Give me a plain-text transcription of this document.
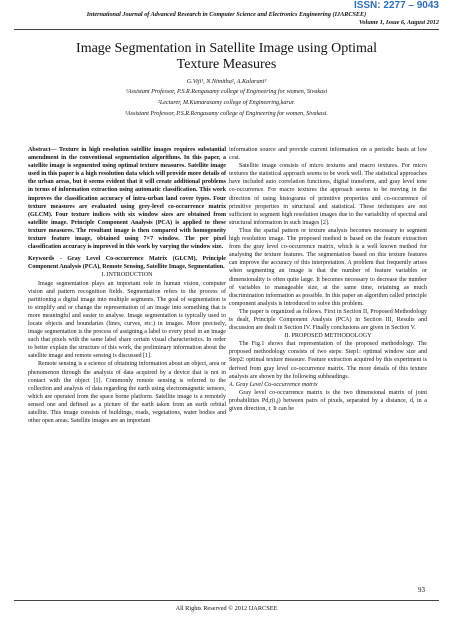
ISSN: 2277 – 9043
International Journal of Advanced Research in Computer Science and Electronics Engineering (IJARCSEE)
Volume 1, Issue 6, August 2012
Image Segmentation in Satellite Image using Optimal
Texture Measures
G.Viji¹, N.Nimitha², A.Kalarani³
¹Assistant Professor, P.S.R.Rengasamy college of Engineering for women, Sivakasi
²Lecturer, M.Kumarasamy college of Engineering,karur.
³Assistant Professor, P.S.R.Rengasamy college of Engineering for women, Sivakasi.

Abstract— Texture in high resolution satellite images requires substantial amendment in the conventional segmentation algorithms. In this paper, a satellite image is segmented using optimal texture measures. Satellite image used in this paper is a high resolution data which will provide more details of the urban areas, but it seems evident that it will create additional problems in terms of information extraction using automatic classification. This work improves the classification accuracy of intra-urban land cover types. Four texture measures are evaluated using grey-level co-occurrence matrix (GLCM). Four texture indices with six window sizes are obtained from satellite image. Principle Component Analysis (PCA) is applied to these texture measures. The resultant image is then compared with homogeneity texture feature image, obtained using 7×7 window. The per pixel classification accuracy is improved in this work by varying the window size.

Keywords - Gray Level Co-occurrence Matrix (GLCM), Principle Component Analysis (PCA), Remote Sensing, Satellite Image, Segmentation.

I. INTRODUCTION

Image segmentation plays an important role in human vision, computer vision and pattern recognition fields. Segmentation refers to the process of partitioning a digital image into multiple segments. The goal of segmentation is to simplify and or change the representation of an image into something that is more meaningful and easier to analyse. Image segmentation is typically used to locate objects and boundaries (lines, curves, etc.) in images. More precisely, image segmentation is the process of assigning a label to every pixel in an image such that pixels with the same label share certain visual characteristics. In order to better explain the structure of this work, the preliminary information about the satellite image and remote sensing is discussed [1].

Remote sensing is a science of obtaining information about an object, area or phenomenon through the analysis of data acquired by a device that is not in contact with the object [1]. Commonly remote sensing is referred to the collection and analysis of data regarding the earth using electromagnetic sensors, which are operated from the space borne platform. Satellite image is a remotely sensed one and defined as a picture of the earth taken from an earth orbital satellite. This image consists of buildings, roads, vegetations, water bodies and other open areas. Satellite images are an important

information source and provide current information on a periodic basis at low cost.

Satellite image consists of micro textures and macro textures. For micro textures the statistical approach seems to be work well. The statistical approaches have included auto correlation functions, digital transform, and gray level tone co-occurrence. For macro textures the approach seems to be moving in the direction of using histograms of primitive properties and co-occurrence of primitive properties in structural and statistical. These techniques are not sufficient to segment high resolution images due to the variability of spectral and structural information in such images [2].

Thus the spatial pattern or texture analysis becomes necessary to segment high resolution image. The proposed method is based on the feature extraction from the gray level co-occurrence matrix, which is a well known method for analysing the texture features. The segmentation based on this texture features can improve the accuracy of this interpretation. A problem that frequently arises when segmenting an image is that the number of feature variables or dimensionality is often quite large. It becomes necessary to decrease the number of variables to manageable size, at the same time, retaining as much discrimination information as possible. In this paper an algorithm called principle component analysis is introduced to solve this problem.

The paper is organized as follows. First in Section II, Proposed Methodology is dealt, Principle Component Analysis (PCA) in Section III, Results and discussion are dealt in Section IV. Finally conclusions are given in Section V.

II. PROPOSED METHODOLOGY

The Fig.1 shows that representation of the proposed methodology. The proposed methodology consists of two steps: Step1: optimal window size and Step2: optimal texture measure. Feature extraction acquired by this experiment is derived from gray level co-occurrence matrix. The more details of this texture analysis are shown by the following subheadings.

A. Gray Level Co-occurrence matrix

Gray level co-occurrence matrix is the two dimensional matrix of joint probabilities Pd,r(i,j) between pairs of pixels, separated by a distance, d, in a given direction, r. It can be

93
All Rights Reserved © 2012 IJARCSEE
